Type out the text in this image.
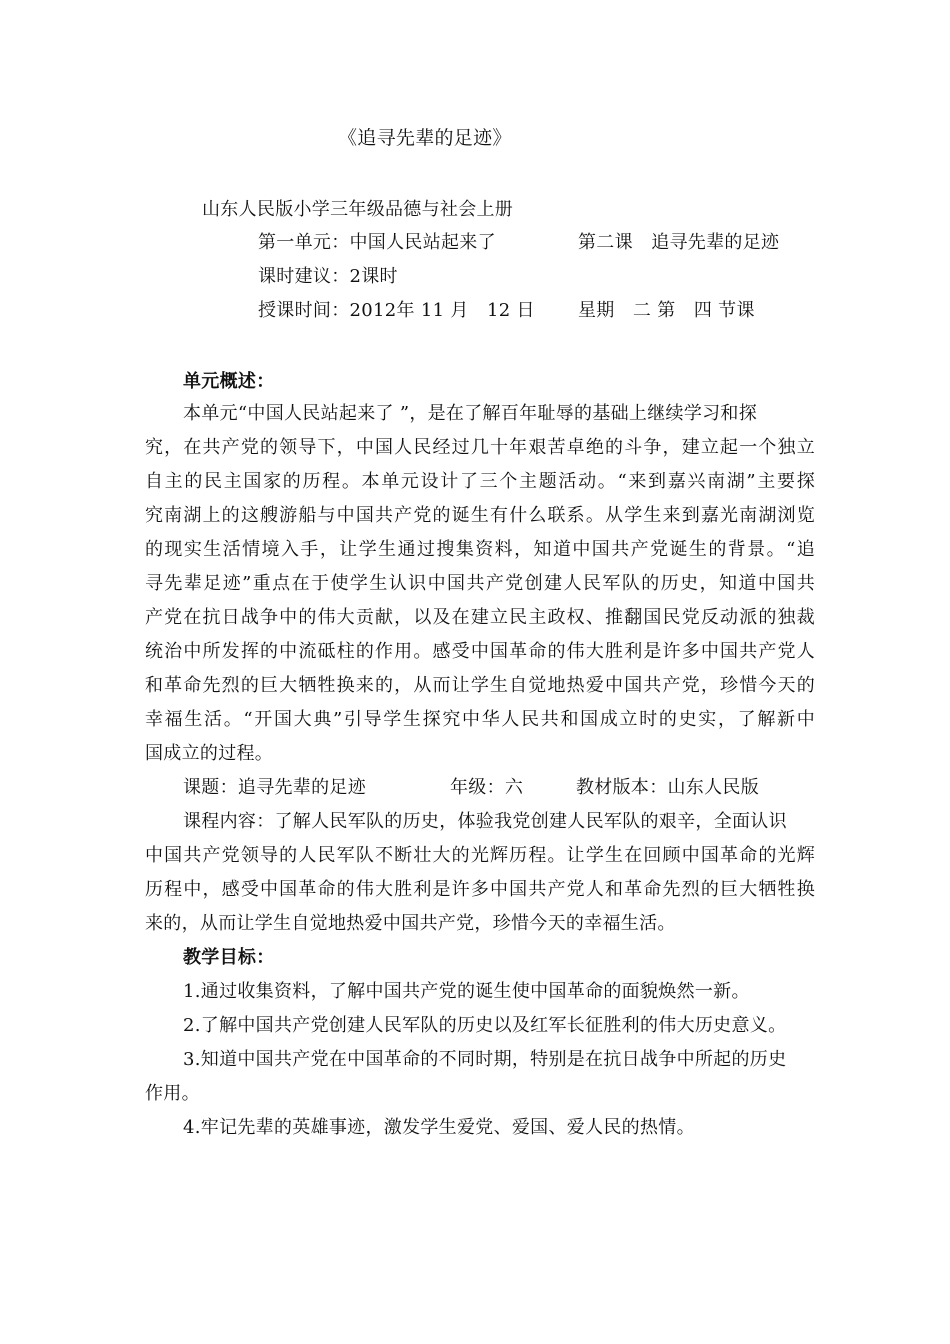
《追寻先辈的足迹》
山东人民版小学三年级品德与社会上册
第一单元：中国人民站起来了	第二课　追寻先辈的足迹
课时建议：2课时
授课时间：2012年 11 月　12 日 星期　二 第　四 节课
单元概述：
本单元“中国人民站起来了 ”，是在了解百年耻辱的基础上继续学习和探
究，在共产党的领导下，中国人民经过几十年艰苦卓绝的斗争，建立起一个独立
自主的民主国家的历程。本单元设计了三个主题活动。“来到嘉兴南湖”主要探
究南湖上的这艘游船与中国共产党的诞生有什么联系。从学生来到嘉光南湖浏览
的现实生活情境入手，让学生通过搜集资料，知道中国共产党诞生的背景。“追
寻先辈足迹”重点在于使学生认识中国共产党创建人民军队的历史，知道中国共
产党在抗日战争中的伟大贡献，以及在建立民主政权、推翻国民党反动派的独裁
统治中所发挥的中流砥柱的作用。感受中国革命的伟大胜利是许多中国共产党人
和革命先烈的巨大牺牲换来的，从而让学生自觉地热爱中国共产党，珍惜今天的
幸福生活。“开国大典”引导学生探究中华人民共和国成立时的史实，了解新中
国成立的过程。
课题：追寻先辈的足迹	年级：六	教材版本：山东人民版
课程内容：了解人民军队的历史，体验我党创建人民军队的艰辛，全面认识
中国共产党领导的人民军队不断壮大的光辉历程。让学生在回顾中国革命的光辉
历程中，感受中国革命的伟大胜利是许多中国共产党人和革命先烈的巨大牺牲换
来的，从而让学生自觉地热爱中国共产党，珍惜今天的幸福生活。
教学目标：
1.通过收集资料，了解中国共产党的诞生使中国革命的面貌焕然一新。
2.了解中国共产党创建人民军队的历史以及红军长征胜利的伟大历史意义。
3.知道中国共产党在中国革命的不同时期，特别是在抗日战争中所起的历史
作用。
4.牢记先辈的英雄事迹，激发学生爱党、爱国、爱人民的热情。
